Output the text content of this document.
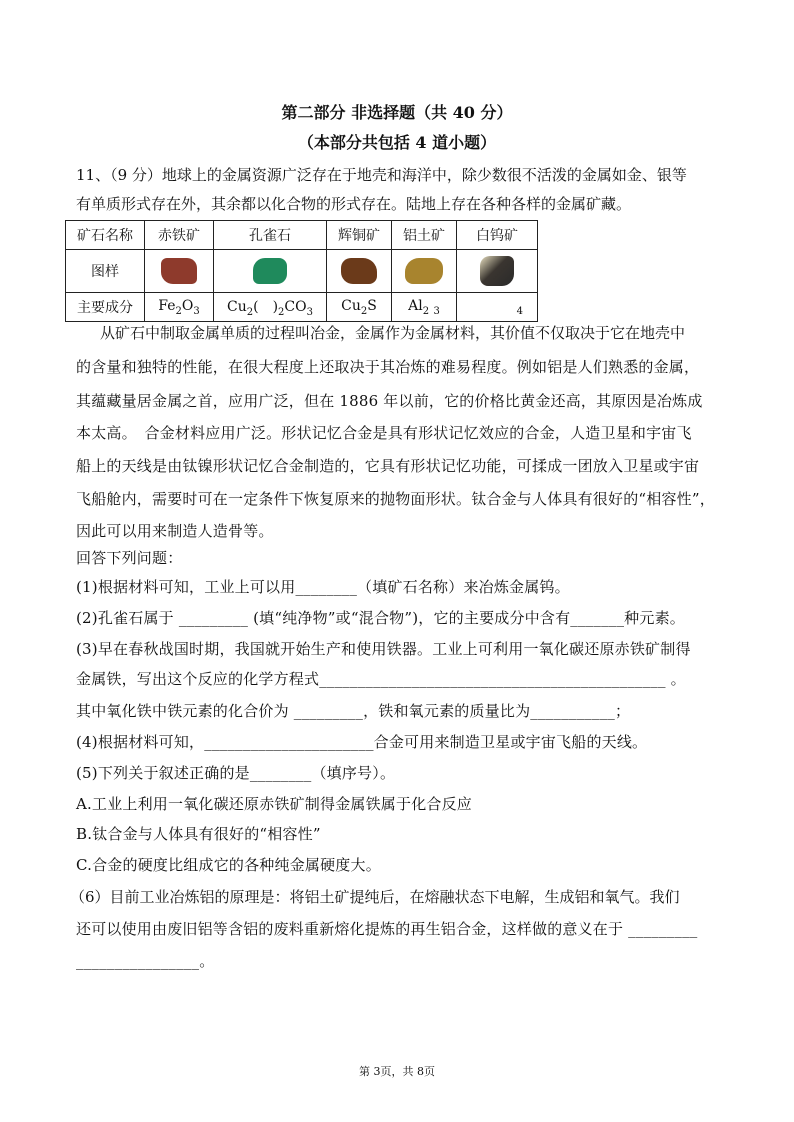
第二部分 非选择题（共 40 分）
（本部分共包括 4 道小题）
11、（9 分）地球上的金属资源广泛存在于地壳和海洋中，除少数很不活泼的金属如金、银等
有单质形式存在外，其余都以化合物的形式存在。陆地上存在各种各样的金属矿藏。
矿石名称	赤铁矿	孔雀石	辉铜矿	铝土矿	白钨矿
图样					
主要成分	$Fe_2O_3$	$Cu_2$(　)$_2CO_3$	$Cu_2S$	$Al_2$ $_3$	$_4$
从矿石中制取金属单质的过程叫冶金，金属作为金属材料，其价值不仅取决于它在地壳中
的含量和独特的性能，在很大程度上还取决于其冶炼的难易程度。例如铝是人们熟悉的金属，
其蕴藏量居金属之首，应用广泛，但在 1886 年以前，它的价格比黄金还高，其原因是冶炼成
本太高。　合金材料应用广泛。形状记忆合金是具有形状记忆效应的合金，人造卫星和宇宙飞
船上的天线是由钛镍形状记忆合金制造的，它具有形状记忆功能，可揉成一团放入卫星或宇宙
飞船舱内，需要时可在一定条件下恢复原来的抛物面形状。钛合金与人体具有很好的“相容性”，
因此可以用来制造人造骨等。
回答下列问题：
(1)根据材料可知，工业上可以用________（填矿石名称）来冶炼金属钨。
(2)孔雀石属于 _________ (填“纯净物”或“混合物”)，它的主要成分中含有_______种元素。
(3)早在春秋战国时期，我国就开始生产和使用铁器。工业上可利用一氧化碳还原赤铁矿制得
金属铁，写出这个反应的化学方程式_____________________________________________ 。
其中氧化铁中铁元素的化合价为 _________，铁和氧元素的质量比为___________；
(4)根据材料可知，______________________合金可用来制造卫星或宇宙飞船的天线。
(5)下列关于叙述正确的是________（填序号）。
A.工业上利用一氧化碳还原赤铁矿制得金属铁属于化合反应
B.钛合金与人体具有很好的“相容性”
C.合金的硬度比组成它的各种纯金属硬度大。
（6）目前工业冶炼铝的原理是：将铝土矿提纯后，在熔融状态下电解，生成铝和氧气。我们
还可以使用由废旧铝等含铝的废料重新熔化提炼的再生铝合金，这样做的意义在于 _________
________________。
第 3页，共 8页
